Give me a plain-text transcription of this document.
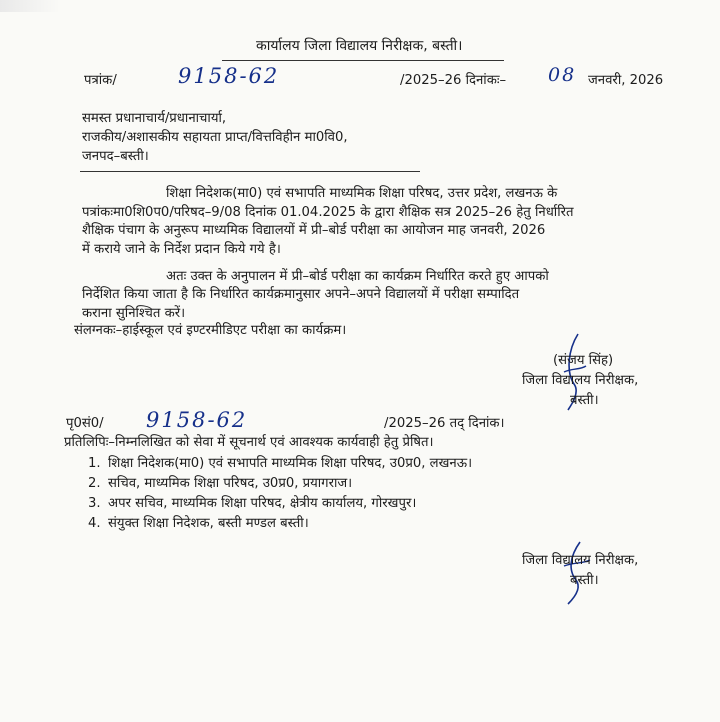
कार्यालय जिला विद्यालय निरीक्षक, बस्ती।
पत्रांक/	9158-62	/2025–26 दिनांकः– 08 जनवरी, 2026
समस्त प्रधानाचार्य/प्रधानाचार्या,
राजकीय/अशासकीय सहायता प्राप्त/वित्तविहीन मा0वि0,
जनपद–बस्ती।
शिक्षा निदेशक(मा0) एवं सभापति माध्यमिक शिक्षा परिषद, उत्तर प्रदेश, लखनऊ के
पत्रांकःमा0शि0प0/परिषद–9/08 दिनांक 01.04.2025 के द्वारा शैक्षिक सत्र 2025–26 हेतु निर्धारित
शैक्षिक पंचाग के अनुरूप माध्यमिक विद्यालयों में प्री–बोर्ड परीक्षा का आयोजन माह जनवरी, 2026
में कराये जाने के निर्देश प्रदान किये गये है।
अतः उक्त के अनुपालन में प्री–बोर्ड परीक्षा का कार्यक्रम निर्धारित करते हुए आपको
निर्देशित किया जाता है कि निर्धारित कार्यक्रमानुसार अपने–अपने विद्यालयों में परीक्षा सम्पादित
कराना सुनिश्चित करें।
संलग्नकः–हाईस्कूल एवं इण्टरमीडिएट परीक्षा का कार्यक्रम।
(संजय सिंह)
जिला विद्यालय निरीक्षक,
बस्ती।
पृ0सं0/ 9158-62	/2025–26 तद् दिनांक।
प्रतिलिपिः–निम्नलिखित को सेवा में सूचनार्थ एवं आवश्यक कार्यवाही हेतु प्रेषित।
1. शिक्षा निदेशक(मा0) एवं सभापति माध्यमिक शिक्षा परिषद, उ0प्र0, लखनऊ।
2. सचिव, माध्यमिक शिक्षा परिषद, उ0प्र0, प्रयागराज।
3. अपर सचिव, माध्यमिक शिक्षा परिषद, क्षेत्रीय कार्यालय, गोरखपुर।
4. संयुक्त शिक्षा निदेशक, बस्ती मण्डल बस्ती।
जिला विद्यालय निरीक्षक,
बस्ती।
